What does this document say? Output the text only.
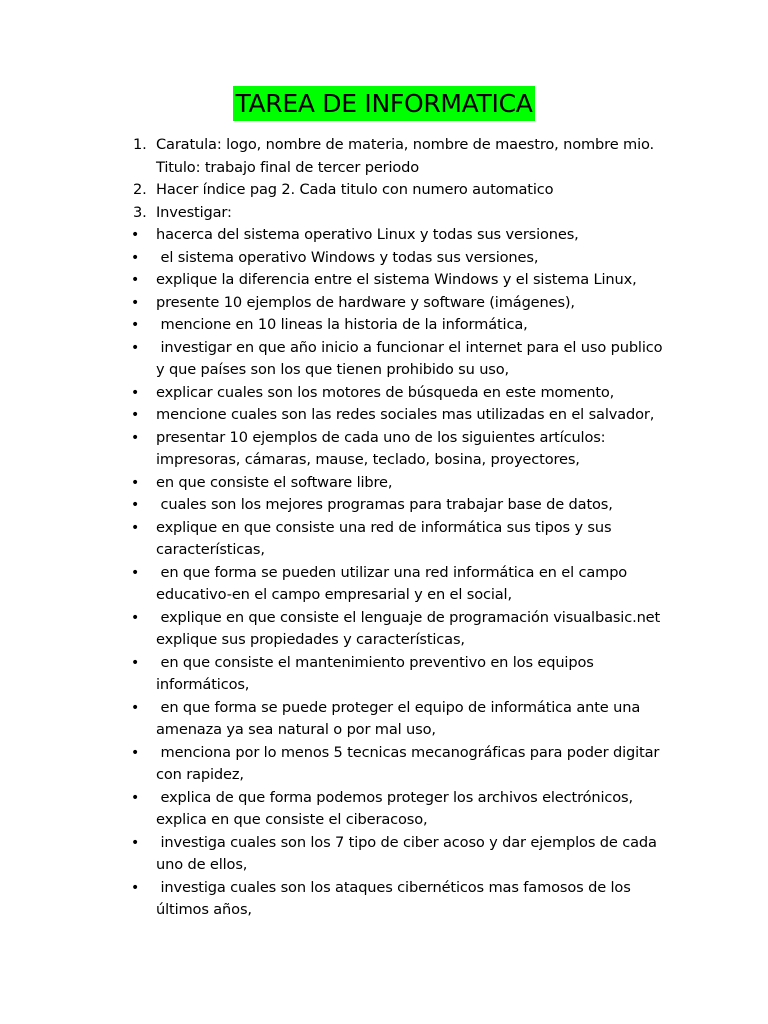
TAREA DE INFORMATICA
1. Caratula: logo, nombre de materia, nombre de maestro, nombre mio. Titulo: trabajo final de tercer periodo
2. Hacer índice pag 2. Cada titulo con numero automatico
3. Investigar:
•	hacerca del sistema operativo Linux y todas sus versiones,
•	el sistema operativo Windows y todas sus versiones,
•	explique la diferencia entre el sistema Windows y el sistema Linux,
•	presente 10 ejemplos de hardware y software (imágenes),
•	mencione en 10 lineas la historia de la informática,
•	investigar en que año inicio a funcionar el internet para el uso publico y que países son los que tienen prohibido su uso,
•	explicar cuales son los motores de búsqueda en este momento,
•	mencione cuales son las redes sociales mas utilizadas en el salvador,
•	presentar 10 ejemplos de cada uno de los siguientes artículos: impresoras, cámaras, mause, teclado, bosina, proyectores,
•	en que consiste el software libre,
•	cuales son los mejores programas para trabajar base de datos,
•	explique en que consiste una red de informática sus tipos y sus características,
•	en que forma se pueden utilizar una red informática en el campo educativo-en el campo empresarial y en el social,
•	explique en que consiste el lenguaje de programación visualbasic.net explique sus propiedades y características,
•	en que consiste el mantenimiento preventivo en los equipos informáticos,
•	en que forma se puede proteger el equipo de informática ante una amenaza ya sea natural o por mal uso,
•	menciona por lo menos 5 tecnicas mecanográficas para poder digitar con rapidez,
•	explica de que forma podemos proteger los archivos electrónicos, explica en que consiste el ciberacoso,
•	investiga cuales son los 7 tipo de ciber acoso y dar ejemplos de cada uno de ellos,
•	investiga cuales son los ataques cibernéticos mas famosos de los últimos años,
